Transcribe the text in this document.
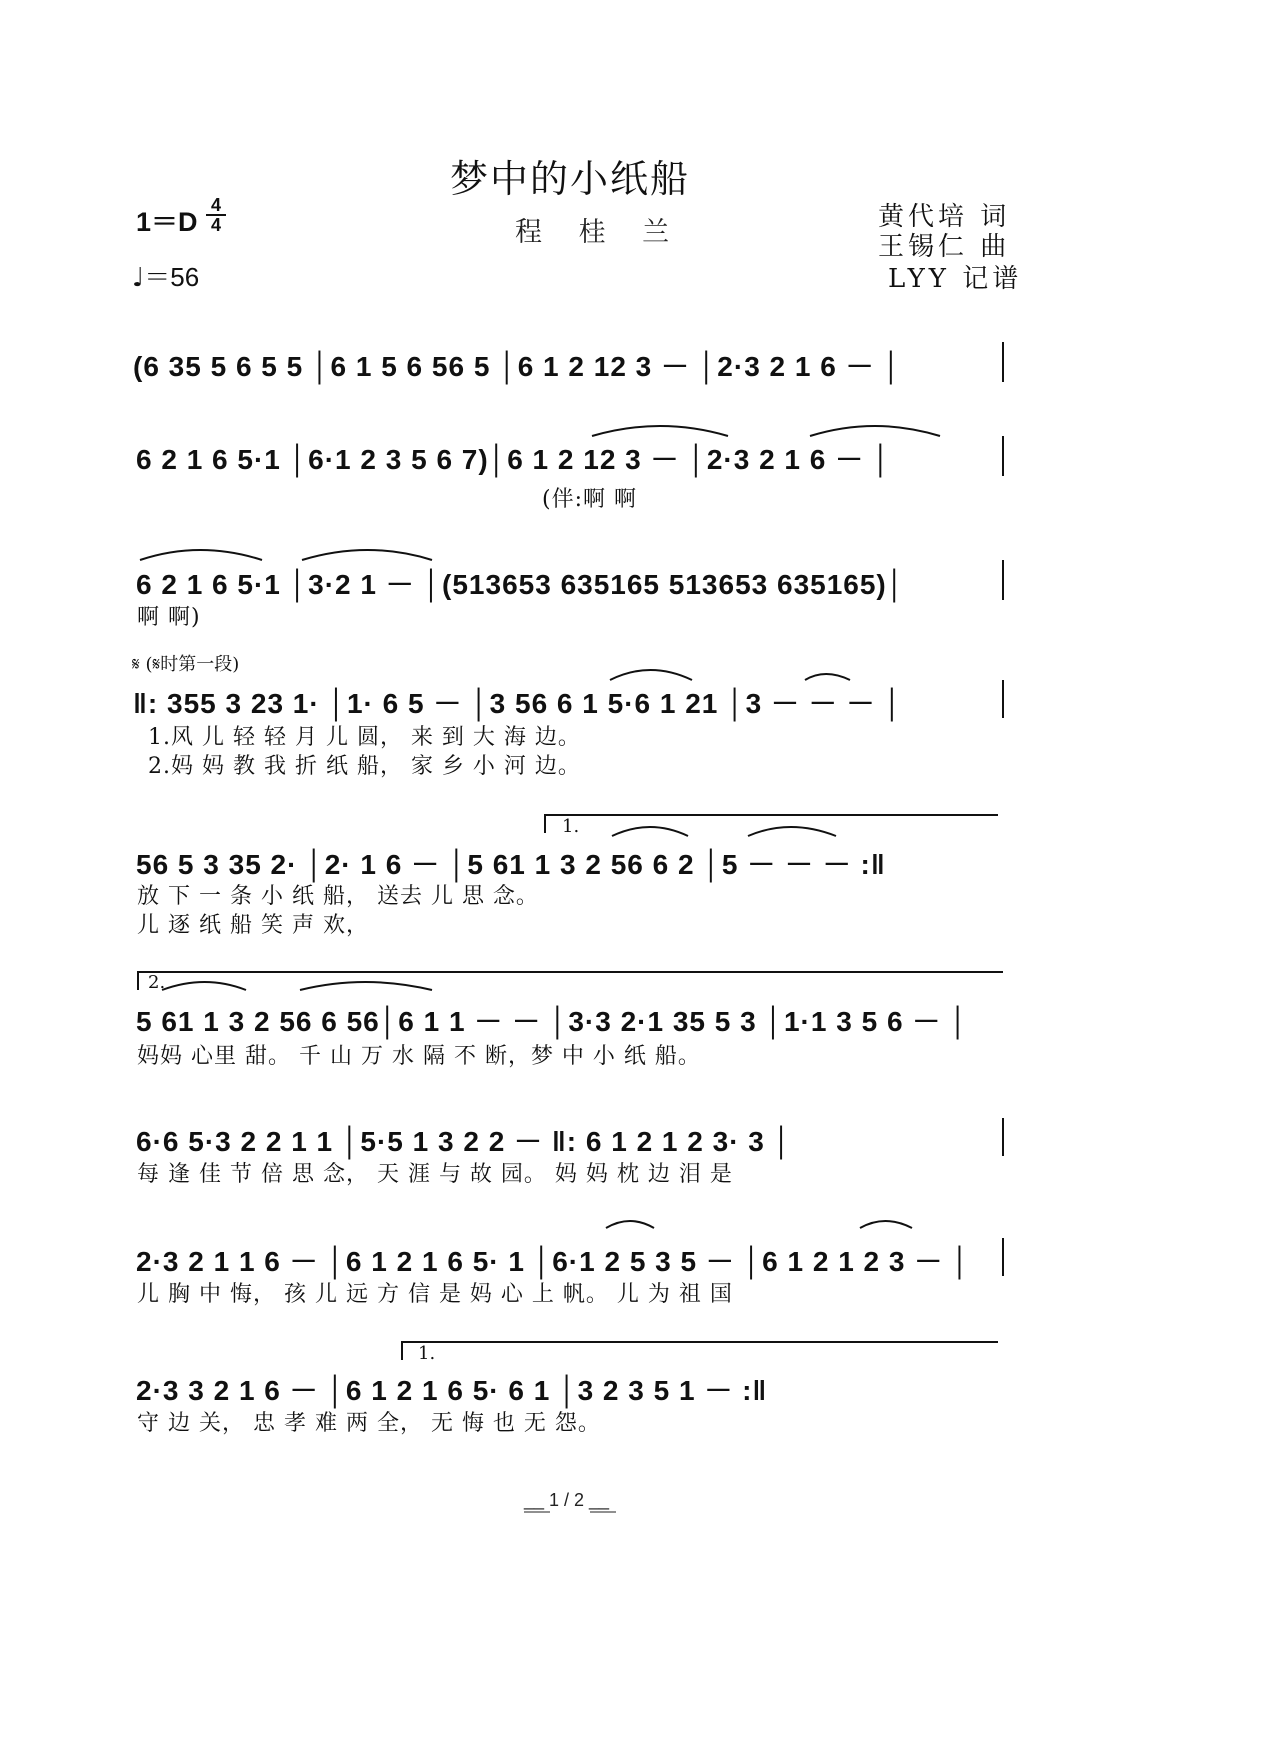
梦中的小纸船
程 桂 兰
1＝D
4
4
♩＝56
黄代培 词
王锡仁 曲
LYY 记谱
(6 35 5 6 5 5 │6 1 5 6 56 5 │6 1 2 12 3 － │2·3 2 1 6 － │
6 2 1 6 5·1 │6·1 2 3 5 6 7)│6 1 2 12 3 － │2·3 2 1 6 － │
(伴:啊 啊
6 2 1 6 5·1 │3·2 1 － │(513653 635165 513653 635165)│
啊 啊)
𝄋 (𝄋时第一段)
‖: 355 3 23 1· │1· 6 5 － │3 56 6 1 5·6 1 21 │3 － － － │
1.风 儿 轻 轻 月 儿 圆， 来 到 大 海 边。
2.妈 妈 教 我 折 纸 船， 家 乡 小 河 边。
1.
56 5 3 35 2· │2· 1 6 － │5 61 1 3 2 56 6 2 │5 － － － :‖
放 下 一 条 小 纸 船， 送去 儿 思 念。
儿 逐 纸 船 笑 声 欢，
2.
5 61 1 3 2 56 6 56│6 1 1 － － │3·3 2·1 35 5 3 │1·1 3 5 6 － │
妈妈 心里 甜。 千 山 万 水 隔 不 断，梦 中 小 纸 船。
6·6 5·3 2 2 1 1 │5·5 1 3 2 2 － ‖: 6 1 2 1 2 3· 3 │
每 逢 佳 节 倍 思 念， 天 涯 与 故 园。 妈 妈 枕 边 泪 是
2·3 2 1 1 6 － │6 1 2 1 6 5· 1 │6·1 2 5 3 5 － │6 1 2 1 2 3 － │
儿 胸 中 悔， 孩 儿 远 方 信 是 妈 心 上 帆。 儿 为 祖 国
1.
2·3 3 2 1 6 － │6 1 2 1 6 5· 6 1 │3 2 3 5 1 － :‖
守 边 关， 忠 孝 难 两 全， 无 悔 也 无 怨。
__ 1 / 2 __
